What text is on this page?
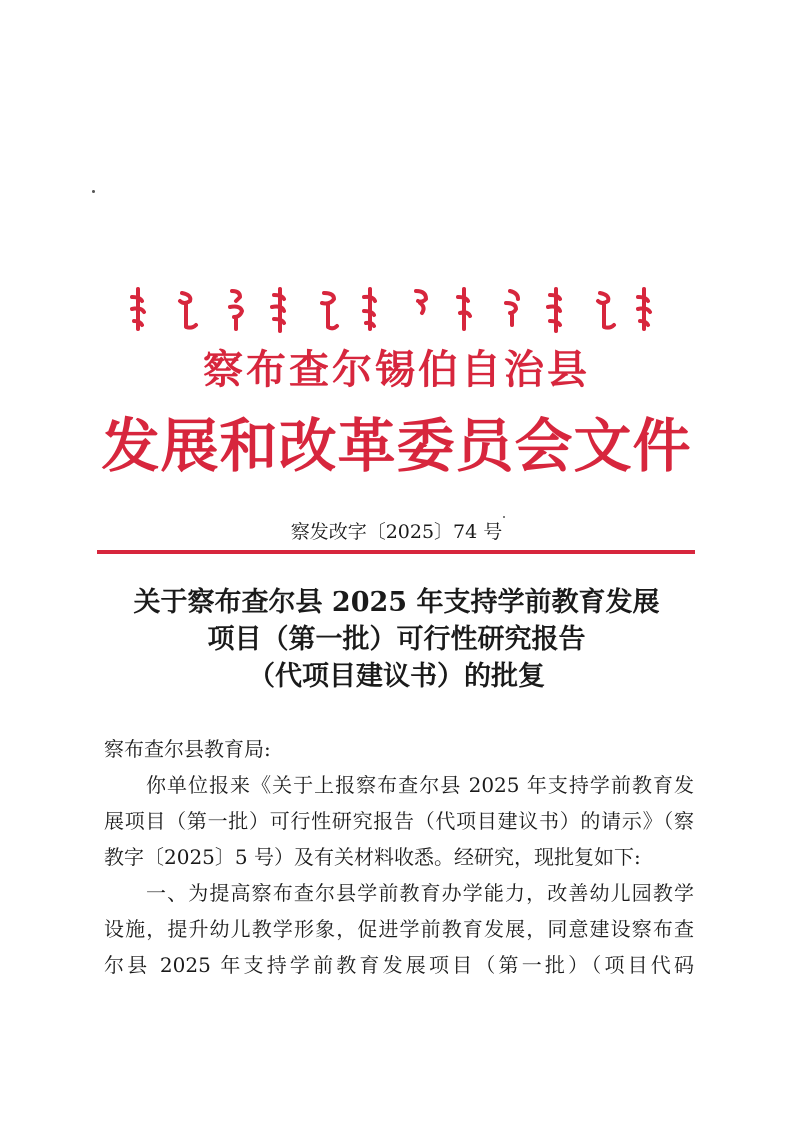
察布查尔锡伯自治县
发展和改革委员会文件
察发改字〔2025〕74 号
关于察布查尔县 2025 年支持学前教育发展
项目（第一批）可行性研究报告
（代项目建议书）的批复
察布查尔县教育局:
你单位报来《关于上报察布查尔县 2025 年支持学前教育发
展项目（第一批）可行性研究报告（代项目建议书）的请示》（察
教字〔2025〕5 号）及有关材料收悉。经研究，现批复如下:
一、为提高察布查尔县学前教育办学能力，改善幼儿园教学
设施，提升幼儿教学形象，促进学前教育发展，同意建设察布查
尔县 2025 年支持学前教育发展项目（第一批）（项目代码
